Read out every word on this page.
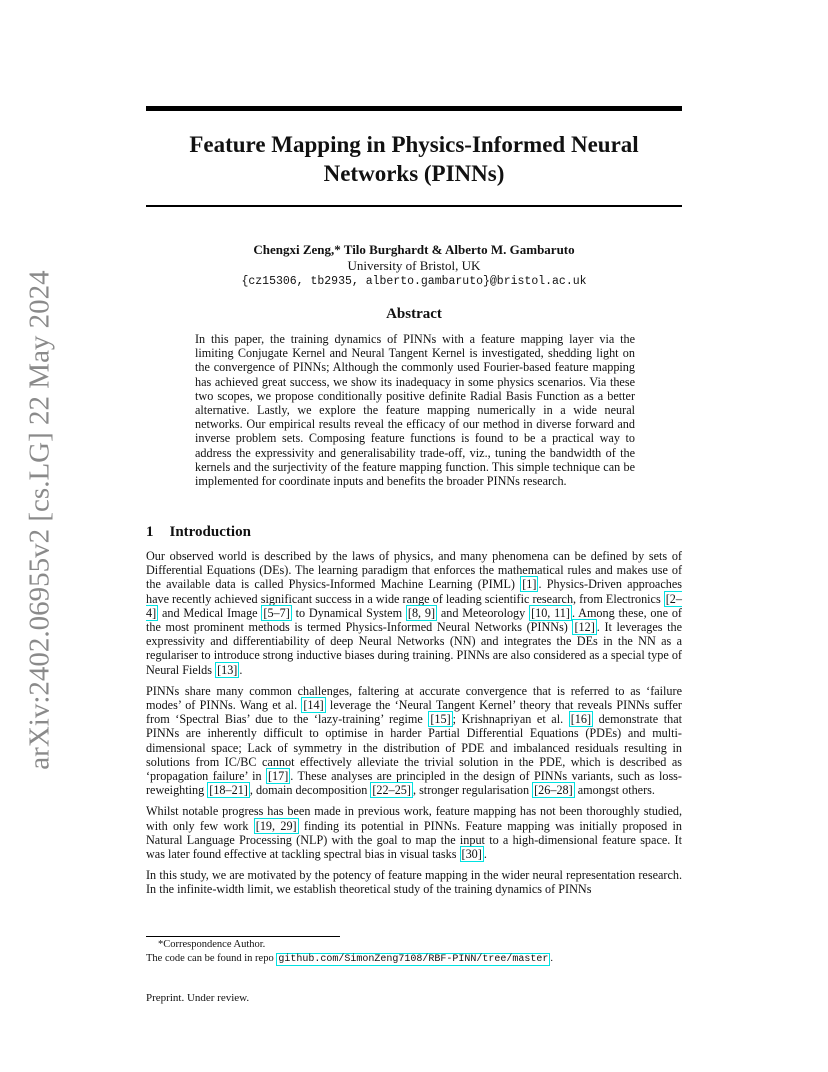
arXiv:2402.06955v2 [cs.LG] 22 May 2024
Feature Mapping in Physics-Informed Neural
Networks (PINNs)
Chengxi Zeng,* Tilo Burghardt & Alberto M. Gambaruto
University of Bristol, UK
{cz15306, tb2935, alberto.gambaruto}@bristol.ac.uk
Abstract
In this paper, the training dynamics of PINNs with a feature mapping layer via the limiting Conjugate Kernel and Neural Tangent Kernel is investigated, shedding light on the convergence of PINNs; Although the commonly used Fourier-based feature mapping has achieved great success, we show its inadequacy in some physics scenarios. Via these two scopes, we propose conditionally positive definite Radial Basis Function as a better alternative. Lastly, we explore the feature mapping numerically in a wide neural networks. Our empirical results reveal the efficacy of our method in diverse forward and inverse problem sets. Composing feature functions is found to be a practical way to address the expressivity and generalisability trade-off, viz., tuning the bandwidth of the kernels and the surjectivity of the feature mapping function. This simple technique can be implemented for coordinate inputs and benefits the broader PINNs research.
1 Introduction

Our observed world is described by the laws of physics, and many phenomena can be defined by sets of Differential Equations (DEs). The learning paradigm that enforces the mathematical rules and makes use of the available data is called Physics-Informed Machine Learning (PIML) [1] . Physics-Driven approaches have recently achieved significant success in a wide range of leading scientific research, from Electronics [2–4] and Medical Image [5–7] to Dynamical System [8, 9] and Meteorology [10, 11] . Among these, one of the most prominent methods is termed Physics-Informed Neural Networks (PINNs) [12] . It leverages the expressivity and differentiability of deep Neural Networks (NN) and integrates the DEs in the NN as a regulariser to introduce strong inductive biases during training. PINNs are also considered as a special type of Neural Fields [13] .

PINNs share many common challenges, faltering at accurate convergence that is referred to as ‘failure modes’ of PINNs. Wang et al. [14] leverage the ‘Neural Tangent Kernel’ theory that reveals PINNs suffer from ‘Spectral Bias’ due to the ‘lazy-training’ regime [15] ; Krishnapriyan et al. [16] demonstrate that PINNs are inherently difficult to optimise in harder Partial Differential Equations (PDEs) and multi-dimensional space; Lack of symmetry in the distribution of PDE and imbalanced residuals resulting in solutions from IC/BC cannot effectively alleviate the trivial solution in the PDE, which is described as ‘propagation failure’ in [17] . These analyses are principled in the design of PINNs variants, such as loss-reweighting [18–21] , domain decomposition [22–25] , stronger regularisation [26–28] amongst others.

Whilst notable progress has been made in previous work, feature mapping has not been thoroughly studied, with only few work [19, 29] finding its potential in PINNs. Feature mapping was initially proposed in Natural Language Processing (NLP) with the goal to map the input to a high-dimensional feature space. It was later found effective at tackling spectral bias in visual tasks [30] .

In this study, we are motivated by the potency of feature mapping in the wider neural representation research. In the infinite-width limit, we establish theoretical study of the training dynamics of PINNs

*Correspondence Author.
The code can be found in repo github.com/SimonZeng7108/RBF-PINN/tree/master .
Preprint. Under review.
